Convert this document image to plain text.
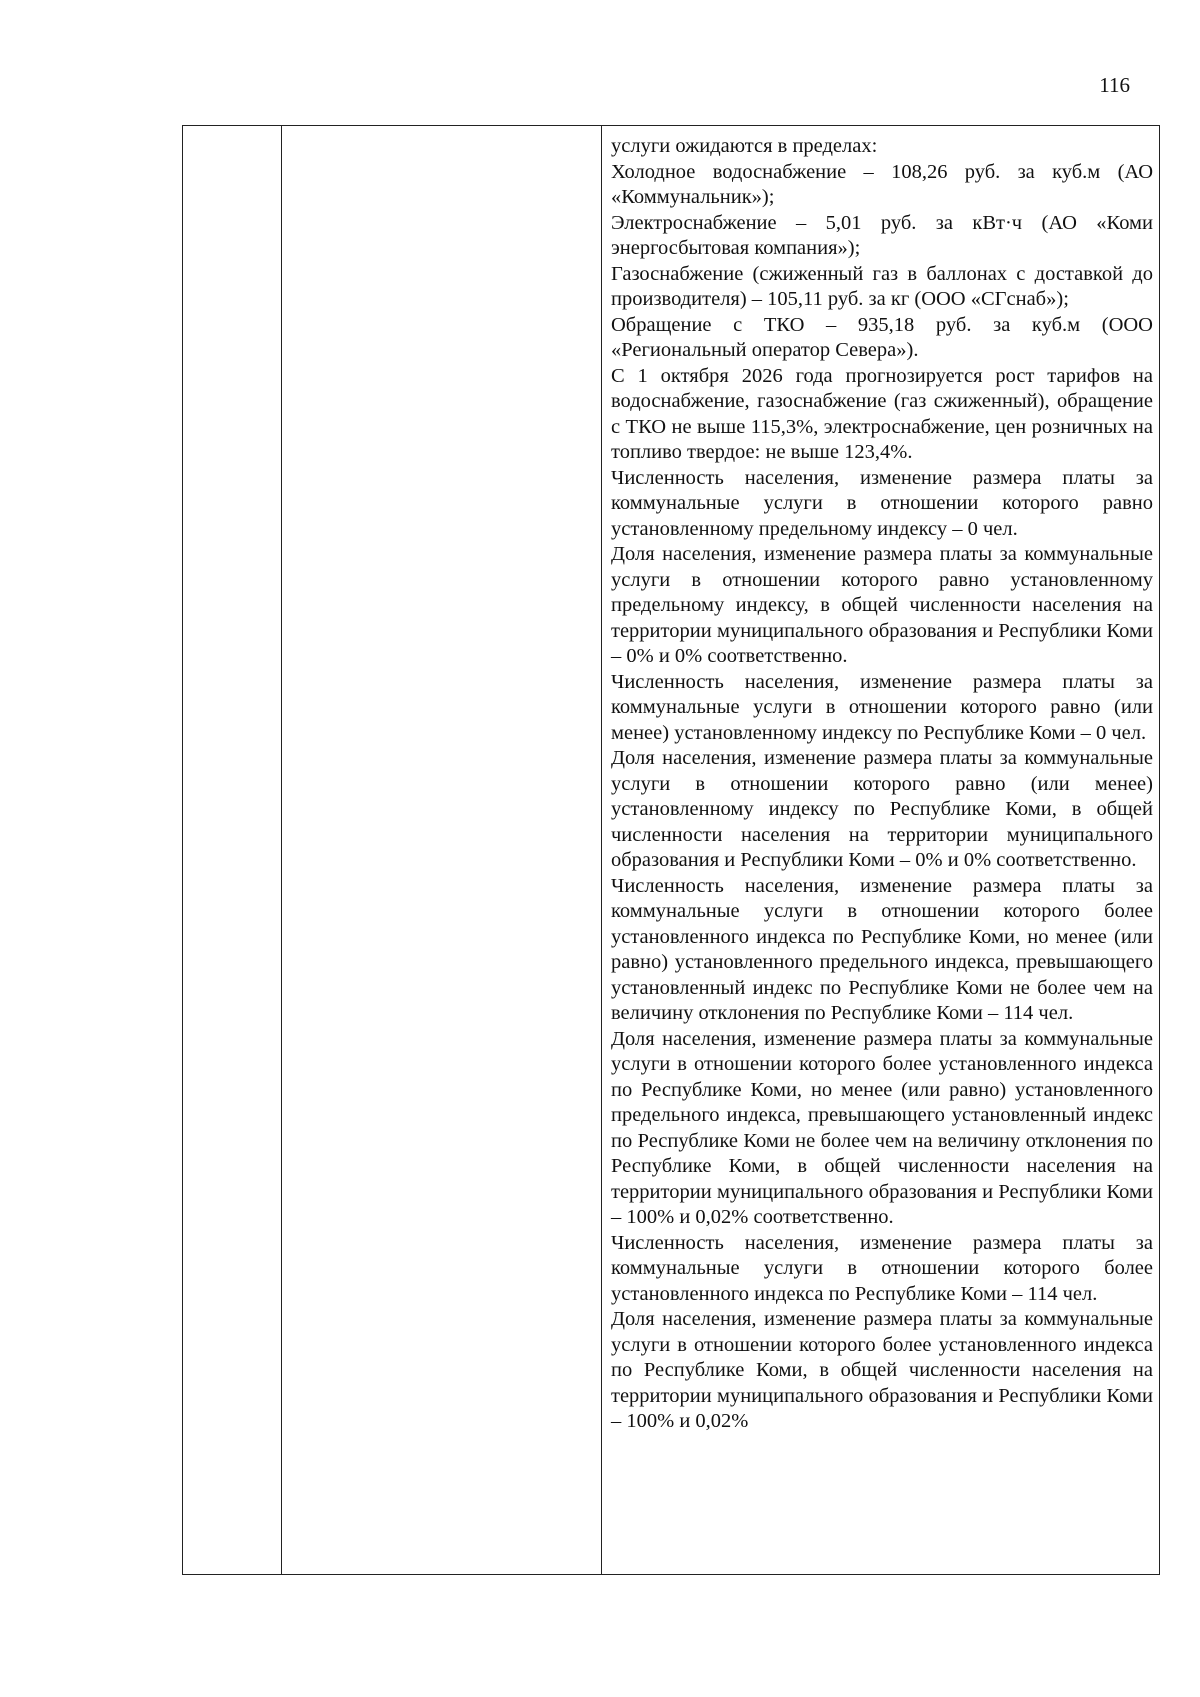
116

услуги ожидаются в пределах:

Холодное водоснабжение – 108,26 руб. за куб.м (АО «Коммунальник»);

Электроснабжение – 5,01 руб. за кВт·ч (АО «Коми энергосбытовая компания»);

Газоснабжение (сжиженный газ в баллонах с доставкой до производителя) – 105,11 руб. за кг (ООО «СГснаб»);

Обращение с ТКО – 935,18 руб. за куб.м (ООО «Региональный оператор Севера»).

С 1 октября 2026 года прогнозируется рост тарифов на водоснабжение, газоснабжение (газ сжиженный), обращение с ТКО не выше 115,3%, электроснабжение, цен розничных на топливо твердое: не выше 123,4%.

Численность населения, изменение размера платы за коммунальные услуги в отношении которого равно установленному предельному индексу – 0 чел.

Доля населения, изменение размера платы за коммунальные услуги в отношении которого равно установленному предельному индексу, в общей численности населения на территории муниципального образования и Республики Коми – 0% и 0% соответственно.

Численность населения, изменение размера платы за коммунальные услуги в отношении которого равно (или менее) установленному индексу по Республике Коми – 0 чел.

Доля населения, изменение размера платы за коммунальные услуги в отношении которого равно (или менее) установленному индексу по Республике Коми, в общей численности населения на территории муниципального образования и Республики Коми – 0% и 0% соответственно.

Численность населения, изменение размера платы за коммунальные услуги в отношении которого более установленного индекса по Республике Коми, но менее (или равно) установленного предельного индекса, превышающего установленный индекс по Республике Коми не более чем на величину отклонения по Республике Коми – 114 чел.

Доля населения, изменение размера платы за коммунальные услуги в отношении которого более установленного индекса по Республике Коми, но менее (или равно) установленного предельного индекса, превышающего установленный индекс по Республике Коми не более чем на величину отклонения по Республике Коми, в общей численности населения на территории муниципального образования и Республики Коми – 100% и 0,02% соответственно.

Численность населения, изменение размера платы за коммунальные услуги в отношении которого более установленного индекса по Республике Коми – 114 чел.

Доля населения, изменение размера платы за коммунальные услуги в отношении которого более установленного индекса по Республике Коми, в общей численности населения на территории муниципального образования и Республики Коми – 100% и 0,02%
